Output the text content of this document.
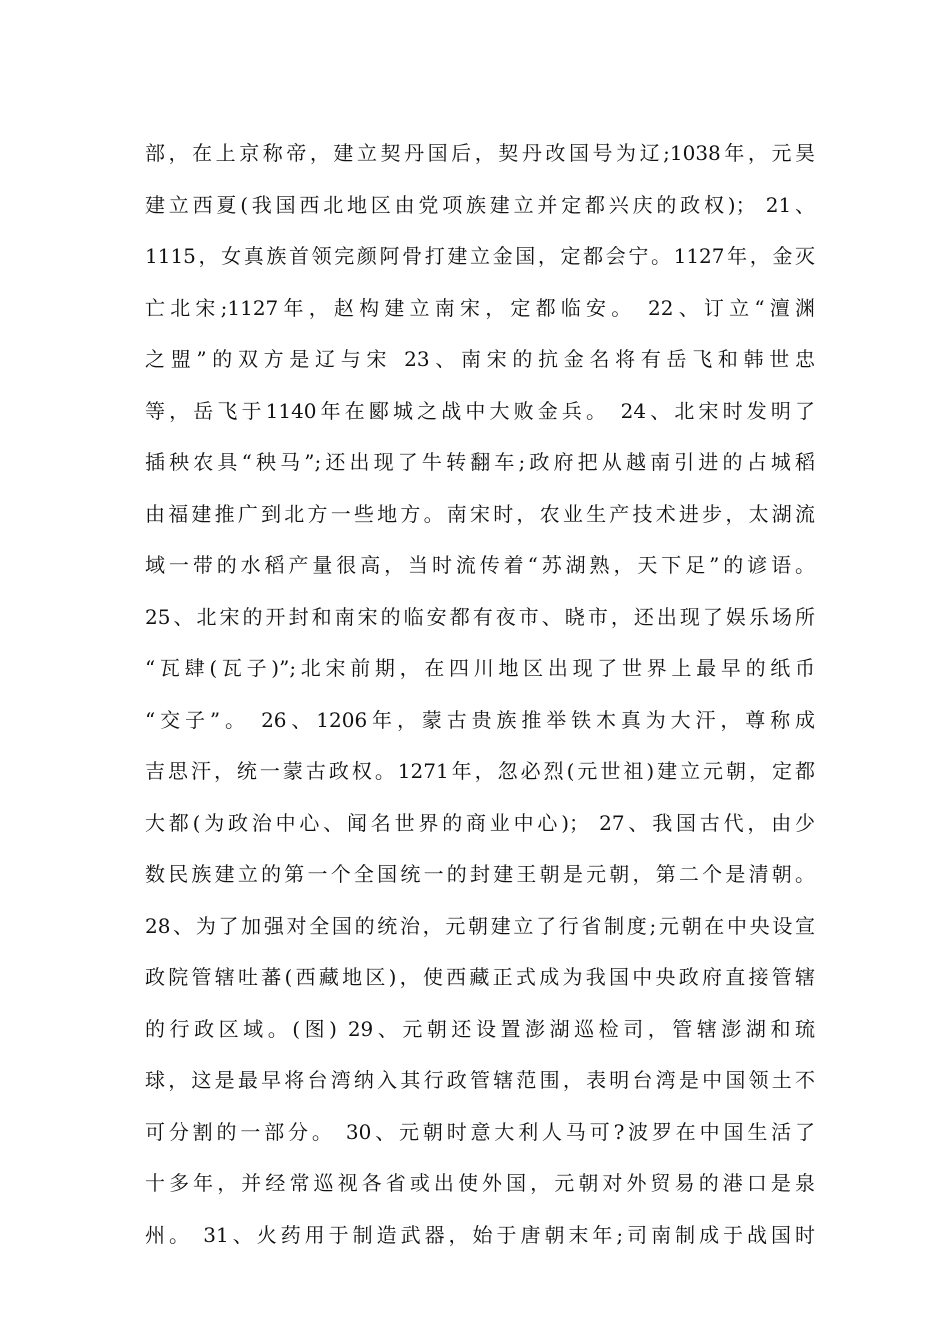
部，在上京称帝，建立契丹国后，契丹改国号为辽;1038年，元昊
建立西夏(我国西北地区由党项族建立并定都兴庆的政权)； 21、
1115，女真族首领完颜阿骨打建立金国，定都会宁。1127年，金灭
亡北宋;1127年，赵构建立南宋，定都临安。 22、订立“澶渊
之盟”的双方是辽与宋 23、南宋的抗金名将有岳飞和韩世忠
等，岳飞于1140年在郾城之战中大败金兵。 24、北宋时发明了
插秧农具“秧马”;还出现了牛转翻车;政府把从越南引进的占城稻
由福建推广到北方一些地方。南宋时，农业生产技术进步，太湖流
域一带的水稻产量很高，当时流传着“苏湖熟，天下足”的谚语。
25、北宋的开封和南宋的临安都有夜市、晓市，还出现了娱乐场所
“瓦肆(瓦子)”;北宋前期，在四川地区出现了世界上最早的纸币
“交子”。 26、1206年，蒙古贵族推举铁木真为大汗，尊称成
吉思汗，统一蒙古政权。1271年，忽必烈(元世祖)建立元朝，定都
大都(为政治中心、闻名世界的商业中心)； 27、我国古代，由少
数民族建立的第一个全国统一的封建王朝是元朝，第二个是清朝。
28、为了加强对全国的统治，元朝建立了行省制度;元朝在中央设宣
政院管辖吐蕃(西藏地区)，使西藏正式成为我国中央政府直接管辖
的行政区域。(图) 29、元朝还设置澎湖巡检司，管辖澎湖和琉
球，这是最早将台湾纳入其行政管辖范围，表明台湾是中国领土不
可分割的一部分。 30、元朝时意大利人马可?波罗在中国生活了
十多年，并经常巡视各省或出使外国，元朝对外贸易的港口是泉
州。 31、火药用于制造武器，始于唐朝末年;司南制成于战国时
